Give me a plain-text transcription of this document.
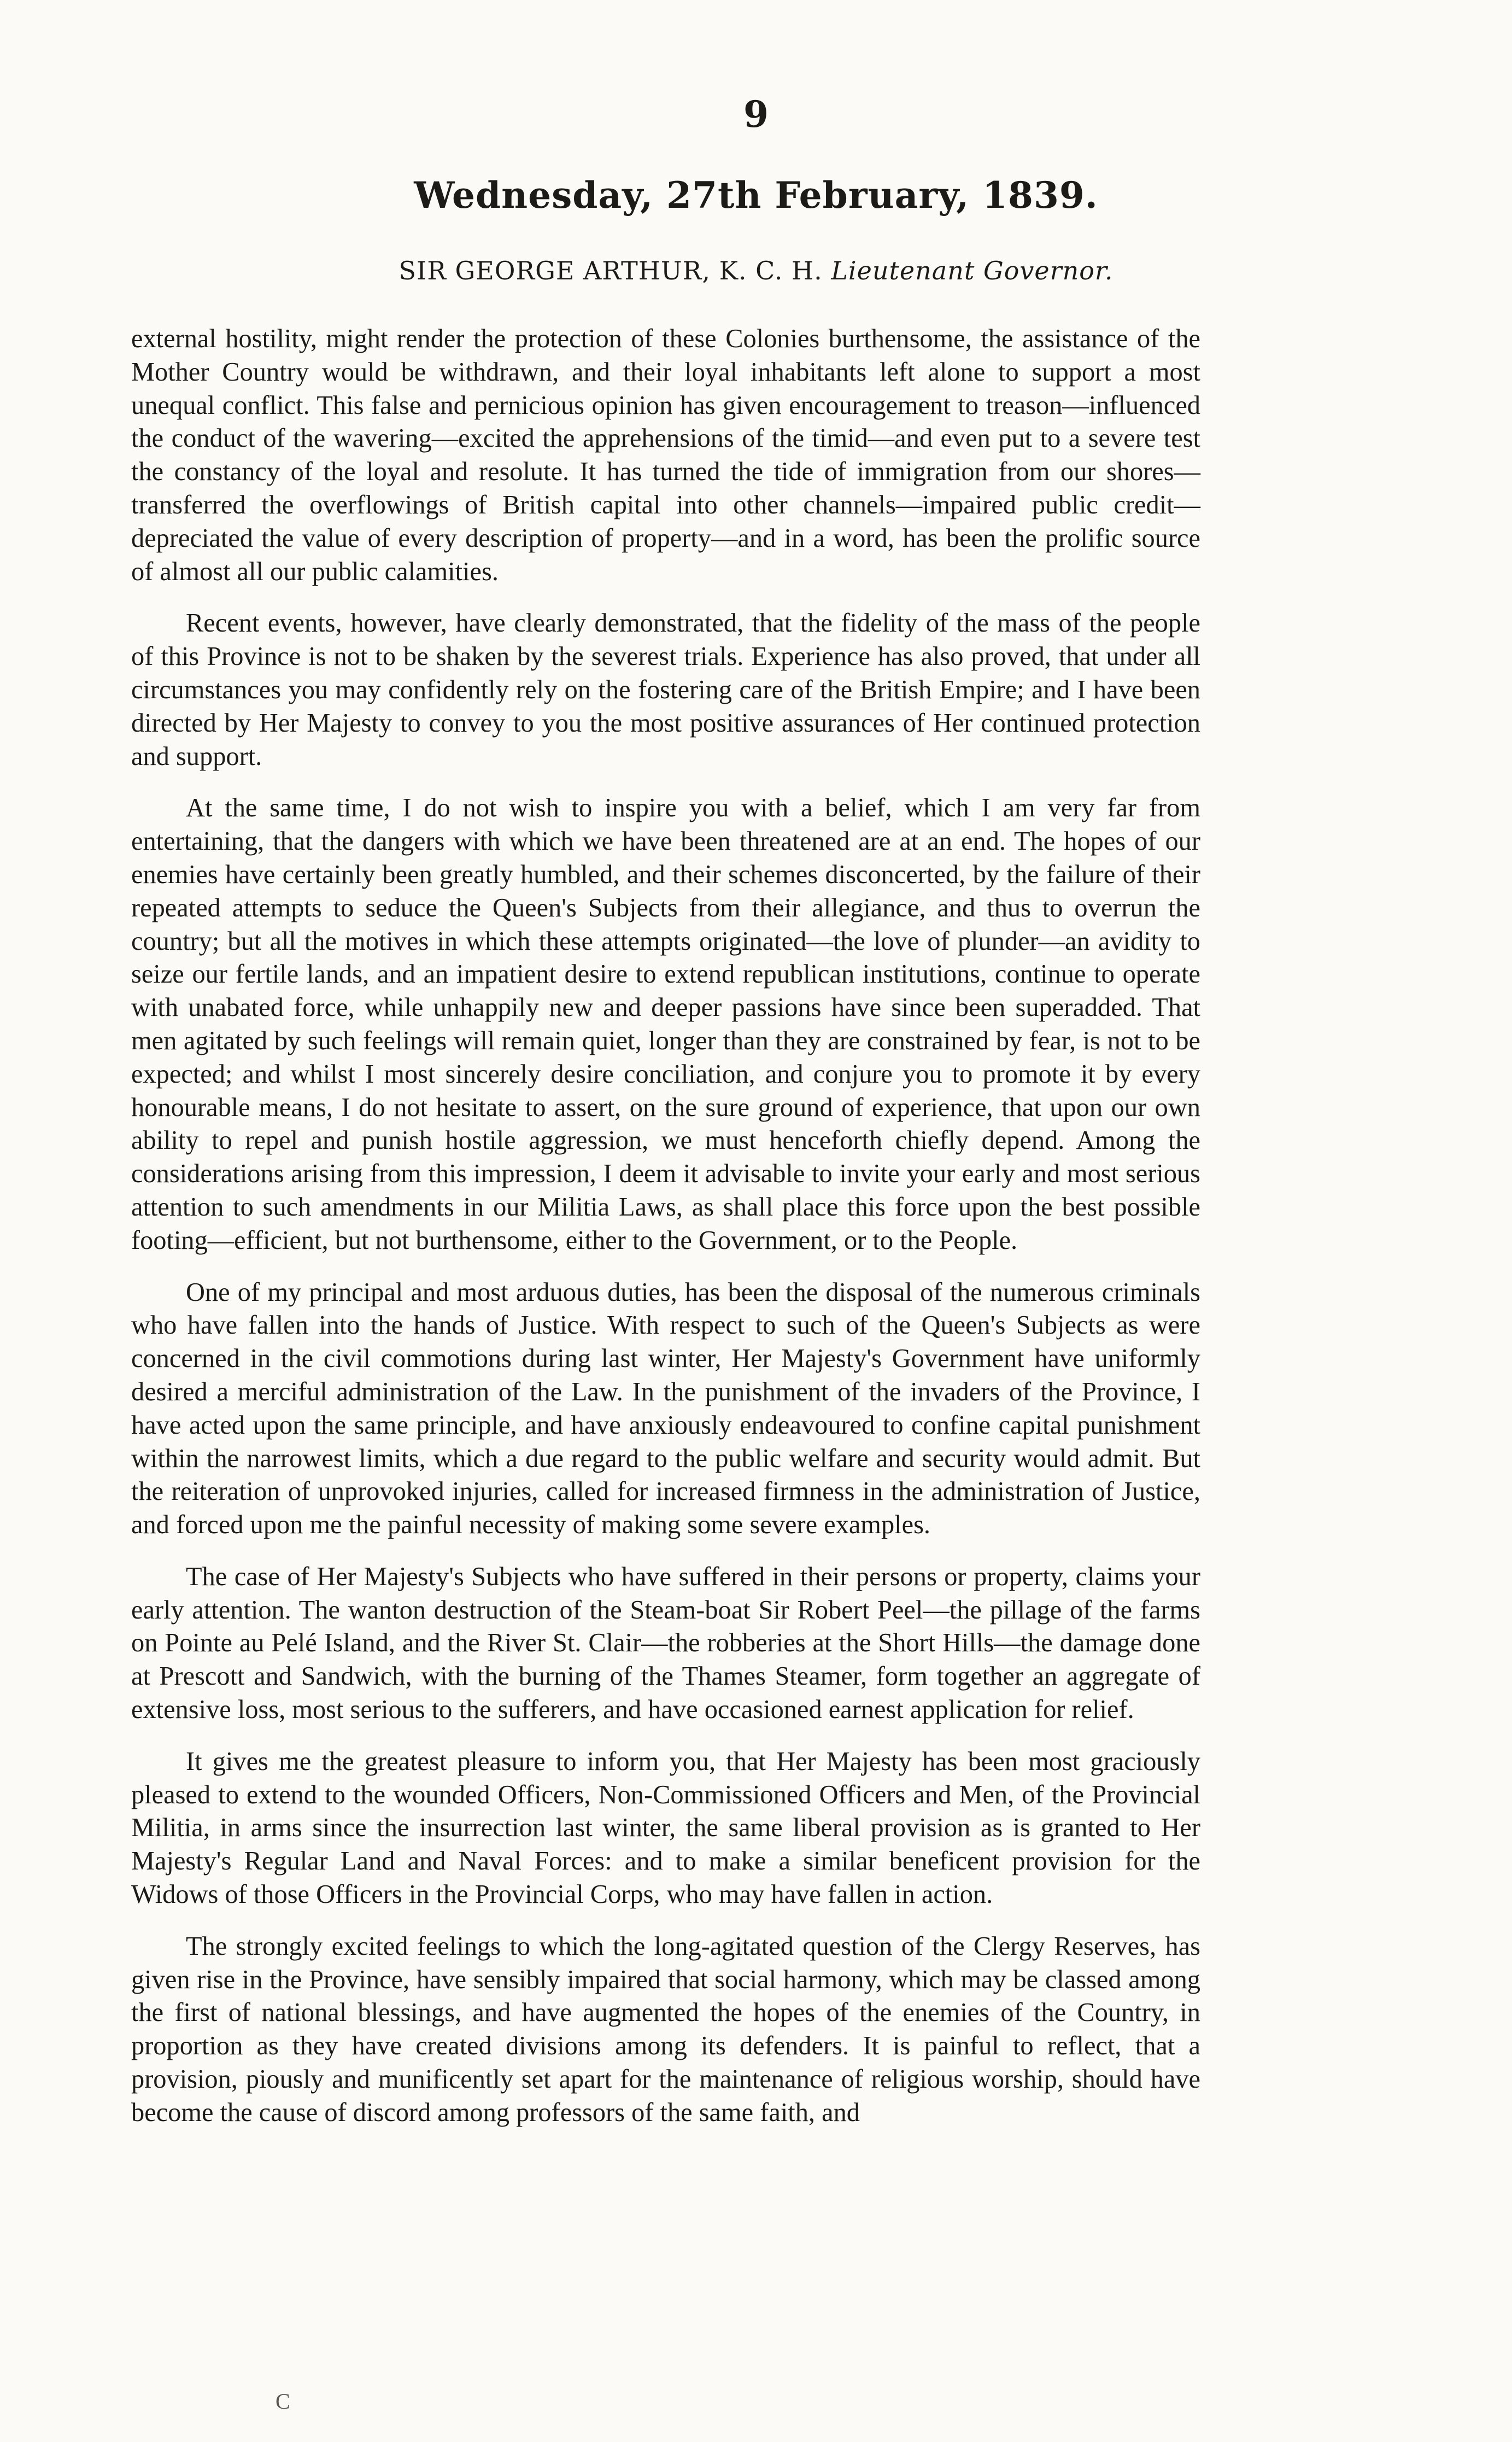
9
Wednesday, 27th February, 1839.
SIR GEORGE ARTHUR, K. C. H. Lieutenant Governor.

external hostility, might render the protection of these Colonies burthensome, the assistance of the Mother Country would be withdrawn, and their loyal inhabitants left alone to support a most unequal conflict. This false and pernicious opinion has given encouragement to treason—influenced the conduct of the wavering—excited the apprehensions of the timid—and even put to a severe test the constancy of the loyal and resolute. It has turned the tide of immigration from our shores—transferred the overflowings of British capital into other channels—impaired public credit—depreciated the value of every description of property—and in a word, has been the prolific source of almost all our public calamities.

Recent events, however, have clearly demonstrated, that the fidelity of the mass of the people of this Province is not to be shaken by the severest trials. Experience has also proved, that under all circumstances you may confidently rely on the fostering care of the British Empire; and I have been directed by Her Majesty to convey to you the most positive assurances of Her continued protection and support.

At the same time, I do not wish to inspire you with a belief, which I am very far from entertaining, that the dangers with which we have been threatened are at an end. The hopes of our enemies have certainly been greatly humbled, and their schemes disconcerted, by the failure of their repeated attempts to seduce the Queen's Subjects from their allegiance, and thus to overrun the country; but all the motives in which these attempts originated—the love of plunder—an avidity to seize our fertile lands, and an impatient desire to extend republican institutions, continue to operate with unabated force, while unhappily new and deeper passions have since been superadded. That men agitated by such feelings will remain quiet, longer than they are constrained by fear, is not to be expected; and whilst I most sincerely desire conciliation, and conjure you to promote it by every honourable means, I do not hesitate to assert, on the sure ground of experience, that upon our own ability to repel and punish hostile aggression, we must henceforth chiefly depend. Among the considerations arising from this impression, I deem it advisable to invite your early and most serious attention to such amendments in our Militia Laws, as shall place this force upon the best possible footing—efficient, but not burthensome, either to the Government, or to the People.

One of my principal and most arduous duties, has been the disposal of the numerous criminals who have fallen into the hands of Justice. With respect to such of the Queen's Subjects as were concerned in the civil commotions during last winter, Her Majesty's Government have uniformly desired a merciful administration of the Law. In the punishment of the invaders of the Province, I have acted upon the same principle, and have anxiously endeavoured to confine capital punishment within the narrowest limits, which a due regard to the public welfare and security would admit. But the reiteration of unprovoked injuries, called for increased firmness in the administration of Justice, and forced upon me the painful necessity of making some severe examples.

The case of Her Majesty's Subjects who have suffered in their persons or property, claims your early attention. The wanton destruction of the Steam-boat Sir Robert Peel—the pillage of the farms on Pointe au Pelé Island, and the River St. Clair—the robberies at the Short Hills—the damage done at Prescott and Sandwich, with the burning of the Thames Steamer, form together an aggregate of extensive loss, most serious to the sufferers, and have occasioned earnest application for relief.

It gives me the greatest pleasure to inform you, that Her Majesty has been most graciously pleased to extend to the wounded Officers, Non-Commissioned Officers and Men, of the Provincial Militia, in arms since the insurrection last winter, the same liberal provision as is granted to Her Majesty's Regular Land and Naval Forces: and to make a similar beneficent provision for the Widows of those Officers in the Provincial Corps, who may have fallen in action.

The strongly excited feelings to which the long-agitated question of the Clergy Reserves, has given rise in the Province, have sensibly impaired that social harmony, which may be classed among the first of national blessings, and have augmented the hopes of the enemies of the Country, in proportion as they have created divisions among its defenders. It is painful to reflect, that a provision, piously and munificently set apart for the maintenance of religious worship, should have become the cause of discord among professors of the same faith, and

C
